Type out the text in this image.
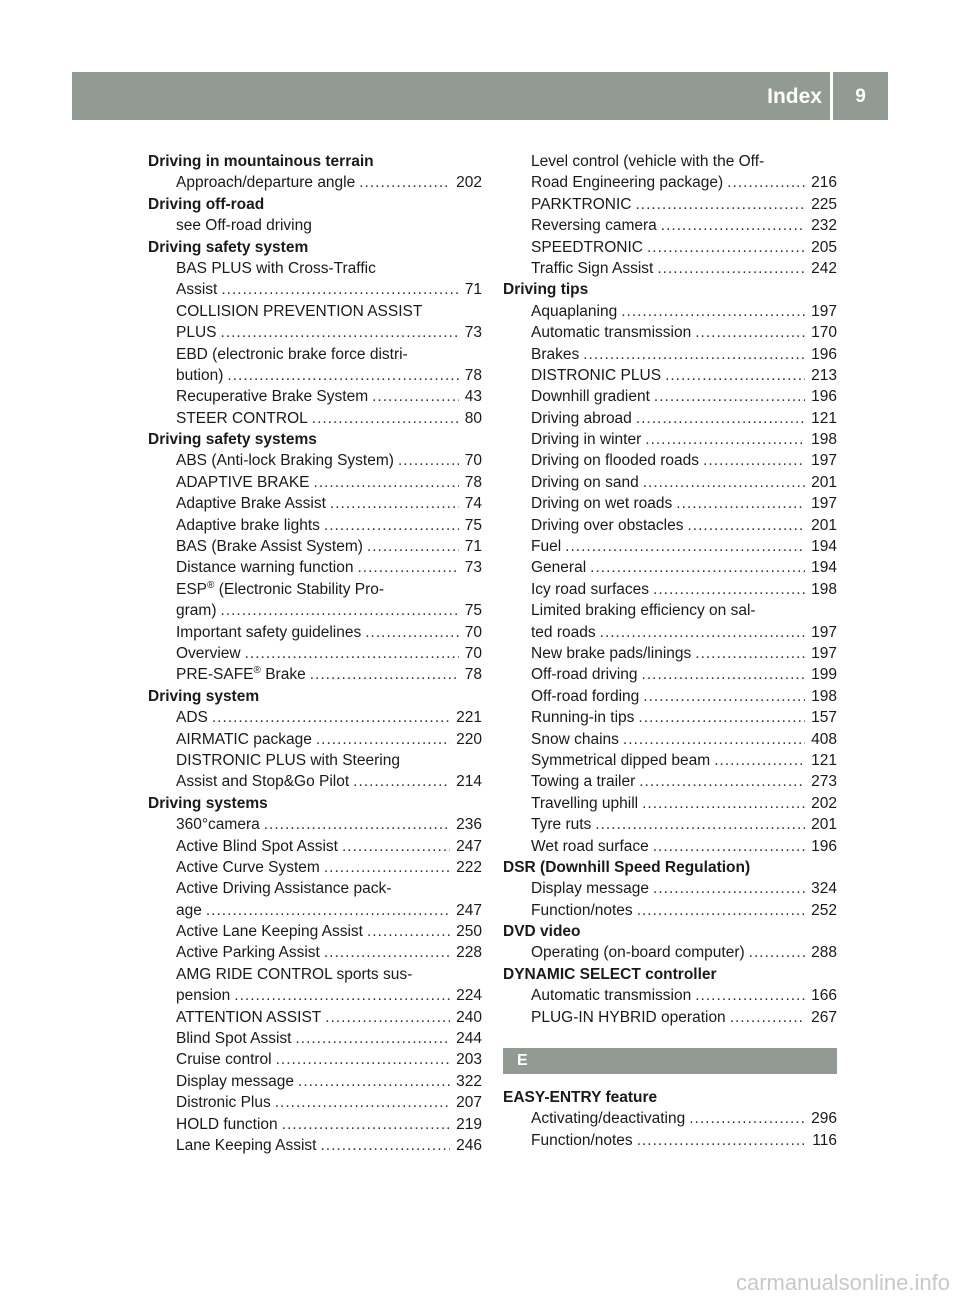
Index	9
Driving in mountainous terrain
Approach/departure angle .....	202
Driving off-road
see Off-road driving
Driving safety system
BAS PLUS with Cross-Traffic
Assist .....	71
COLLISION PREVENTION ASSIST
PLUS .....	73
EBD (electronic brake force distri-
bution) .....	78
Recuperative Brake System .....	43
STEER CONTROL .....	80
Driving safety systems
ABS (Anti-lock Braking System) .....	70
ADAPTIVE BRAKE .....	78
Adaptive Brake Assist .....	74
Adaptive brake lights .....	75
BAS (Brake Assist System) .....	71
Distance warning function .....	73
ESP® (Electronic Stability Pro-
gram) .....	75
Important safety guidelines .....	70
Overview .....	70
PRE-SAFE® Brake .....	78
Driving system
ADS .....	221
AIRMATIC package .....	220
DISTRONIC PLUS with Steering
Assist and Stop&Go Pilot .....	214
Driving systems
360°camera .....	236
Active Blind Spot Assist .....	247
Active Curve System .....	222
Active Driving Assistance pack-
age .....	247
Active Lane Keeping Assist .....	250
Active Parking Assist .....	228
AMG RIDE CONTROL sports sus-
pension .....	224
ATTENTION ASSIST .....	240
Blind Spot Assist .....	244
Cruise control .....	203
Display message .....	322
Distronic Plus .....	207
HOLD function .....	219
Lane Keeping Assist .....	246
Level control (vehicle with the Off-
Road Engineering package) .....	216
PARKTRONIC .....	225
Reversing camera .....	232
SPEEDTRONIC .....	205
Traffic Sign Assist .....	242
Driving tips
Aquaplaning .....	197
Automatic transmission .....	170
Brakes .....	196
DISTRONIC PLUS .....	213
Downhill gradient .....	196
Driving abroad .....	121
Driving in winter .....	198
Driving on flooded roads .....	197
Driving on sand .....	201
Driving on wet roads .....	197
Driving over obstacles .....	201
Fuel .....	194
General .....	194
Icy road surfaces .....	198
Limited braking efficiency on sal-
ted roads .....	197
New brake pads/linings .....	197
Off-road driving .....	199
Off-road fording .....	198
Running-in tips .....	157
Snow chains .....	408
Symmetrical dipped beam .....	121
Towing a trailer .....	273
Travelling uphill .....	202
Tyre ruts .....	201
Wet road surface .....	196
DSR (Downhill Speed Regulation)
Display message .....	324
Function/notes .....	252
DVD video
Operating (on-board computer) .....	288
DYNAMIC SELECT controller
Automatic transmission .....	166
PLUG-IN HYBRID operation .....	267
E
EASY-ENTRY feature
Activating/deactivating .....	296
Function/notes .....	116
carmanualsonline.info
